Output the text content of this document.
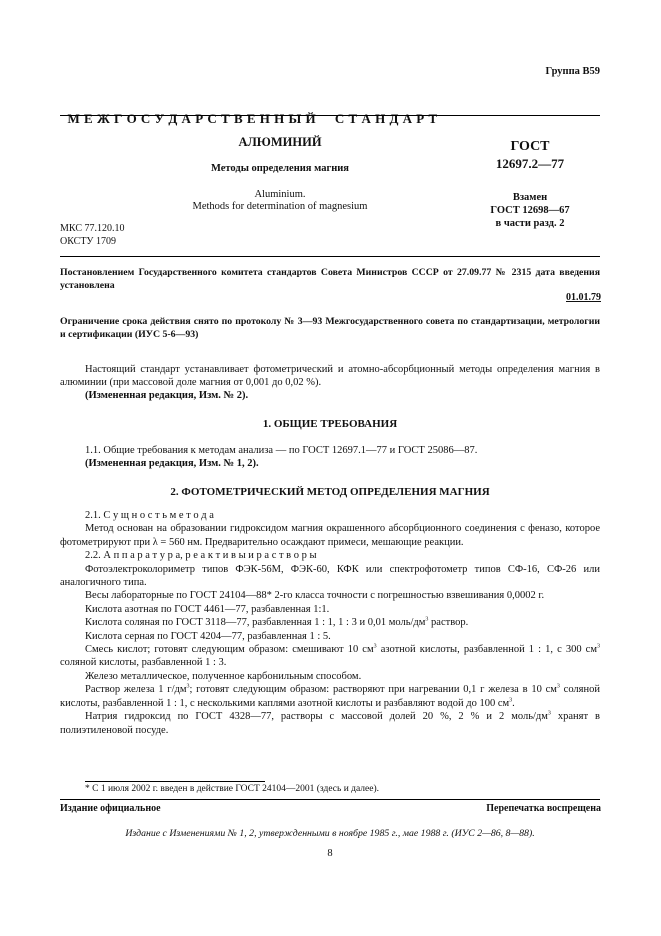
Группа В59

М Е Ж Г О С У Д А Р С Т В Е Н Н Ы Й     С Т А Н Д А Р Т

АЛЮМИНИЙ
Методы определения магния
Aluminium.
Methods for determination of magnesium
ГОСТ
12697.2—77
Взамен
ГОСТ 12698—67
в части разд. 2
МКС 77.120.10
ОКСТУ 1709
Постановлением Государственного комитета стандартов Совета Министров СССР от 27.09.77 № 2315 дата введения установлена
01.01.79
Ограничение срока действия снято по протоколу № 3—93 Межгосударственного совета по стандартизации, метрологии и сертификации (ИУС 5-6—93)
Настоящий стандарт устанавливает фотометрический и атомно-абсорбционный методы определения магния в алюминии (при массовой доле магния от 0,001 до 0,02 %).
(Измененная редакция, Изм. № 2).
1. ОБЩИЕ ТРЕБОВАНИЯ
1.1. Общие требования к методам анализа — по ГОСТ 12697.1—77 и ГОСТ 25086—87.
(Измененная редакция, Изм. № 1, 2).
2. ФОТОМЕТРИЧЕСКИЙ МЕТОД ОПРЕДЕЛЕНИЯ МАГНИЯ
2.1. С у щ н о с т ь м е т о д а
Метод основан на образовании гидроксидом магния окрашенного абсорбционного соединения с феназо, которое фотометрируют при λ = 560 нм. Предварительно осаждают примеси, мешающие реакции.
2.2. А п п а р а т у р а, р е а к т и в ы и р а с т в о р ы
Фотоэлектроколориметр типов ФЭК-56М, ФЭК-60, КФК или спектрофотометр типов СФ-16, СФ-26 или аналогичного типа.
Весы лабораторные по ГОСТ 24104—88* 2-го класса точности с погрешностью взвешивания 0,0002 г.
Кислота азотная по ГОСТ 4461—77, разбавленная 1:1.
Кислота соляная по ГОСТ 3118—77, разбавленная 1 : 1, 1 : 3 и 0,01 моль/$дм^3$ раствор.
Кислота серная по ГОСТ 4204—77, разбавленная 1 : 5.
Смесь кислот; готовят следующим образом: смешивают 10 $см^3$ азотной кислоты, разбавленной 1 : 1, с 300 $см^3$ соляной кислоты, разбавленной 1 : 3.
Железо металлическое, полученное карбонильным способом.
Раствор железа 1 $г/дм^3$; готовят следующим образом: растворяют при нагревании 0,1 г железа в 10 $см^3$ соляной кислоты, разбавленной 1 : 1, с несколькими каплями азотной кислоты и разбавляют водой до 100 $см^3$.
Натрия гидроксид по ГОСТ 4328—77, растворы с массовой долей 20 %, 2 % и 2 моль/$дм^3$ хранят в полиэтиленовой посуде.
* С 1 июля 2002 г. введен в действие ГОСТ 24104—2001 (здесь и далее).
Издание официальное	Перепечатка воспрещена
Издание с Изменениями № 1, 2, утвержденными в ноябре 1985 г., мае 1988 г. (ИУС 2—86, 8—88).
8
